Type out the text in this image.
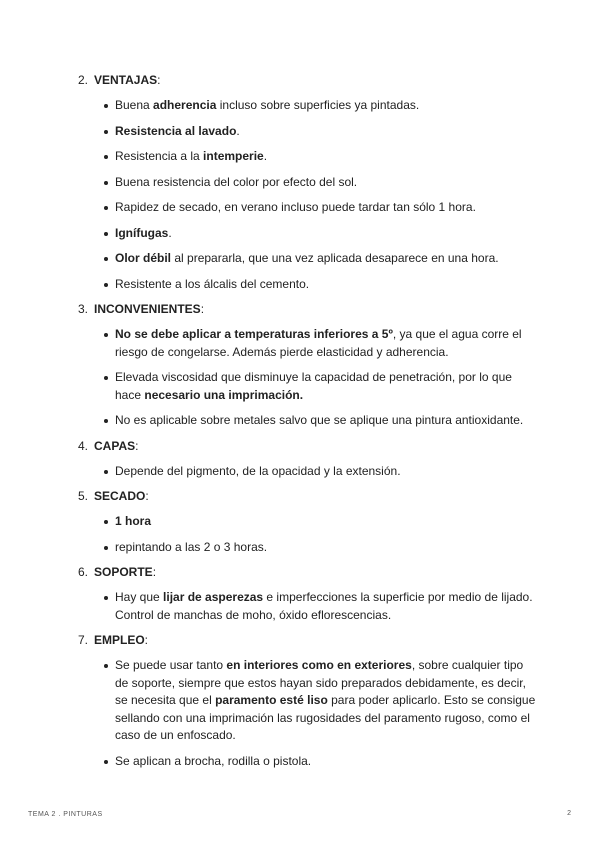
2. VENTAJAS:
Buena adherencia incluso sobre superficies ya pintadas.
Resistencia al lavado.
Resistencia a la intemperie.
Buena resistencia del color por efecto del sol.
Rapidez de secado, en verano incluso puede tardar tan sólo 1 hora.
Ignífugas.
Olor débil al prepararla, que una vez aplicada desaparece en una hora.
Resistente a los álcalis del cemento.
3. INCONVENIENTES:
No se debe aplicar a temperaturas inferiores a 5º, ya que el agua corre el riesgo de congelarse. Además pierde elasticidad y adherencia.
Elevada viscosidad que disminuye la capacidad de penetración, por lo que hace necesario una imprimación.
No es aplicable sobre metales salvo que se aplique una pintura antioxidante.
4. CAPAS:
Depende del pigmento, de la opacidad y la extensión.
5. SECADO:
1 hora
repintando a las 2 o 3 horas.
6. SOPORTE:
Hay que lijar de asperezas e imperfecciones la superficie por medio de lijado. Control de manchas de moho, óxido eflorescencias.
7. EMPLEO:
Se puede usar tanto en interiores como en exteriores, sobre cualquier tipo de soporte, siempre que estos hayan sido preparados debidamente, es decir, se necesita que el paramento esté liso para poder aplicarlo. Esto se consigue sellando con una imprimación las rugosidades del paramento rugoso, como el caso de un enfoscado.
Se aplican a brocha, rodilla o pistola.
TEMA 2 . PINTURAS	2
